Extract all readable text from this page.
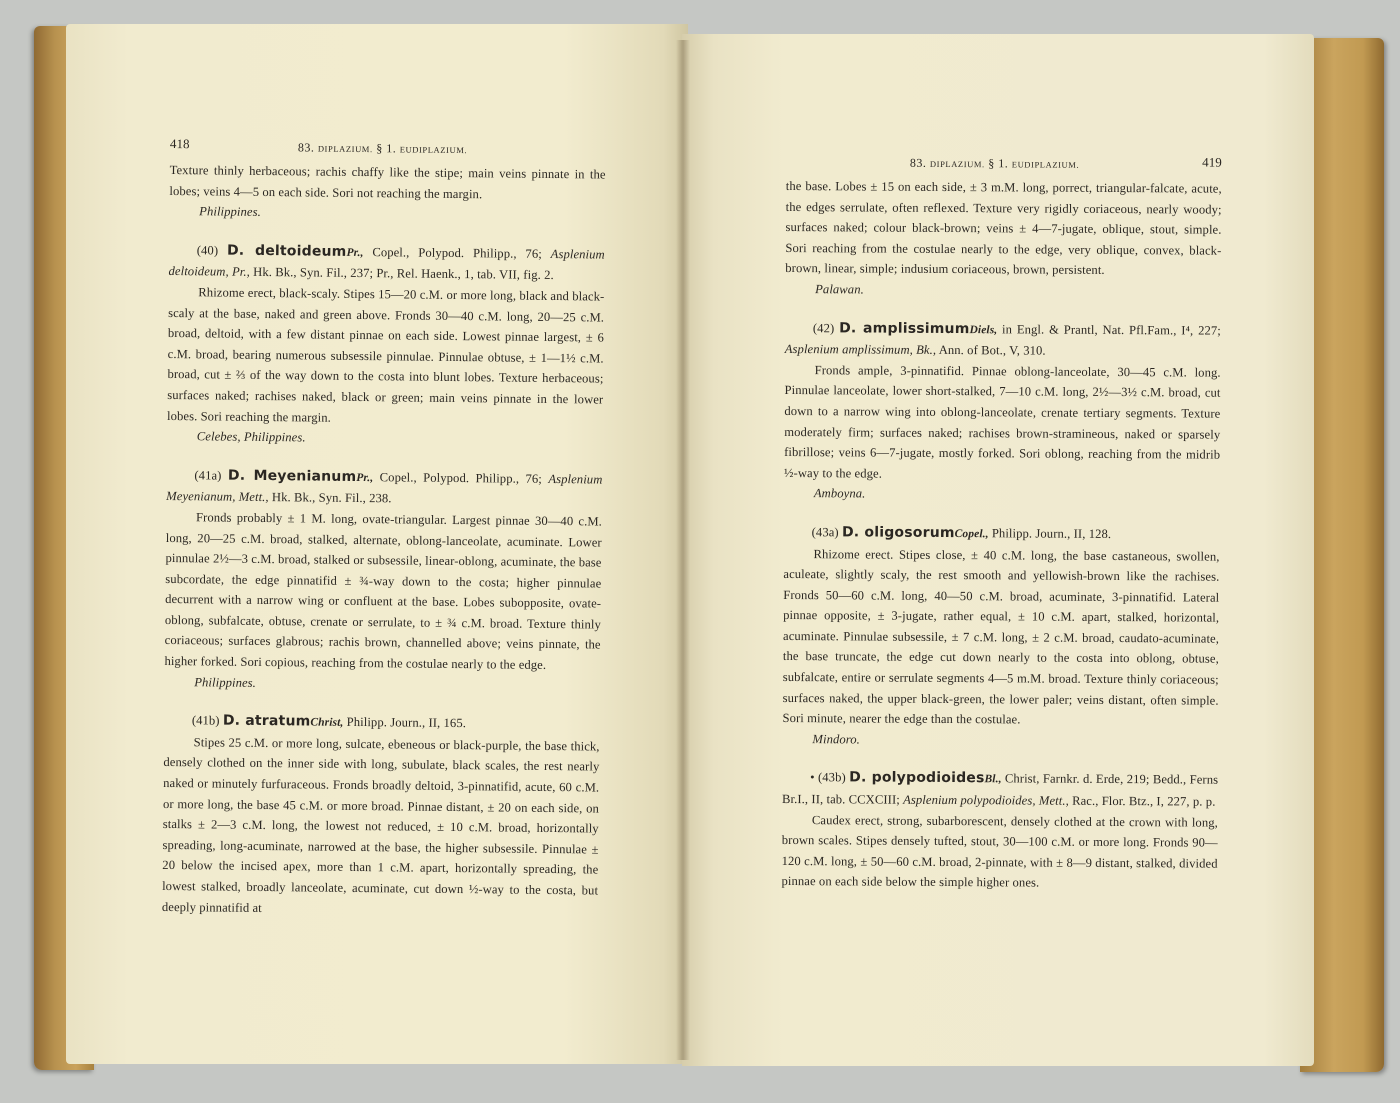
418	83. DIPLAZIUM. § 1. EUDIPLAZIUM.

Texture thinly herbaceous; rachis chaffy like the stipe; main veins pinnate in the lobes; veins 4—5 on each side. Sori not reaching the margin.

Philippines.

(40) D. deltoideumPr., Copel., Polypod. Philipp., 76; Asplenium deltoideum, Pr., Hk. Bk., Syn. Fil., 237; Pr., Rel. Haenk., 1, tab. VII, fig. 2.

Rhizome erect, black-scaly. Stipes 15—20 c.M. or more long, black and black-scaly at the base, naked and green above. Fronds 30—40 c.M. long, 20—25 c.M. broad, deltoid, with a few distant pinnae on each side. Lowest pinnae largest, ± 6 c.M. broad, bearing numerous subsessile pinnulae. Pinnulae obtuse, ± 1—1½ c.M. broad, cut ± ⅔ of the way down to the costa into blunt lobes. Texture herbaceous; surfaces naked; rachises naked, black or green; main veins pinnate in the lower lobes. Sori reaching the margin.

Celebes, Philippines.

(41a) D. MeyenianumPr., Copel., Polypod. Philipp., 76; Asplenium Meyenianum, Mett., Hk. Bk., Syn. Fil., 238.

Fronds probably ± 1 M. long, ovate-triangular. Largest pinnae 30—40 c.M. long, 20—25 c.M. broad, stalked, alternate, oblong-lanceolate, acuminate. Lower pinnulae 2½—3 c.M. broad, stalked or subsessile, linear-oblong, acuminate, the base subcordate, the edge pinnatifid ± ¾-way down to the costa; higher pinnulae decurrent with a narrow wing or confluent at the base. Lobes subopposite, ovate-oblong, subfalcate, obtuse, crenate or serrulate, to ± ¾ c.M. broad. Texture thinly coriaceous; surfaces glabrous; rachis brown, channelled above; veins pinnate, the higher forked. Sori copious, reaching from the costulae nearly to the edge.

Philippines.

(41b) D. atratumChrist, Philipp. Journ., II, 165.

Stipes 25 c.M. or more long, sulcate, ebeneous or black-purple, the base thick, densely clothed on the inner side with long, subulate, black scales, the rest nearly naked or minutely furfuraceous. Fronds broadly deltoid, 3-pinnatifid, acute, 60 c.M. or more long, the base 45 c.M. or more broad. Pinnae distant, ± 20 on each side, on stalks ± 2—3 c.M. long, the lowest not reduced, ± 10 c.M. broad, horizontally spreading, long-acuminate, narrowed at the base, the higher subsessile. Pinnulae ± 20 below the incised apex, more than 1 c.M. apart, horizontally spreading, the lowest stalked, broadly lanceolate, acuminate, cut down ½-way to the costa, but deeply pinnatifid at

83. DIPLAZIUM. § 1. EUDIPLAZIUM.	419

the base. Lobes ± 15 on each side, ± 3 m.M. long, porrect, triangular-falcate, acute, the edges serrulate, often reflexed. Texture very rigidly coriaceous, nearly woody; surfaces naked; colour black-brown; veins ± 4—7-jugate, oblique, stout, simple. Sori reaching from the costulae nearly to the edge, very oblique, convex, black-brown, linear, simple; indusium coriaceous, brown, persistent.

Palawan.

(42) D. amplissimumDiels, in Engl. & Prantl, Nat. Pfl.Fam., I⁴, 227; Asplenium amplissimum, Bk., Ann. of Bot., V, 310.

Fronds ample, 3-pinnatifid. Pinnae oblong-lanceolate, 30—45 c.M. long. Pinnulae lanceolate, lower short-stalked, 7—10 c.M. long, 2½—3½ c.M. broad, cut down to a narrow wing into oblong-lanceolate, crenate tertiary segments. Texture moderately firm; surfaces naked; rachises brown-stramineous, naked or sparsely fibrillose; veins 6—7-jugate, mostly forked. Sori oblong, reaching from the midrib ½-way to the edge.

Amboyna.

(43a) D. oligosorumCopel., Philipp. Journ., II, 128.

Rhizome erect. Stipes close, ± 40 c.M. long, the base castaneous, swollen, aculeate, slightly scaly, the rest smooth and yellowish-brown like the rachises. Fronds 50—60 c.M. long, 40—50 c.M. broad, acuminate, 3-pinnatifid. Lateral pinnae opposite, ± 3-jugate, rather equal, ± 10 c.M. apart, stalked, horizontal, acuminate. Pinnulae subsessile, ± 7 c.M. long, ± 2 c.M. broad, caudato-acuminate, the base truncate, the edge cut down nearly to the costa into oblong, obtuse, subfalcate, entire or serrulate segments 4—5 m.M. broad. Texture thinly coriaceous; surfaces naked, the upper black-green, the lower paler; veins distant, often simple. Sori minute, nearer the edge than the costulae.

Mindoro.

• (43b) D. polypodioidesBl., Christ, Farnkr. d. Erde, 219; Bedd., Ferns Br.I., II, tab. CCXCIII; Asplenium polypodioides, Mett., Rac., Flor. Btz., I, 227, p. p.

Caudex erect, strong, subarborescent, densely clothed at the crown with long, brown scales. Stipes densely tufted, stout, 30—100 c.M. or more long. Fronds 90—120 c.M. long, ± 50—60 c.M. broad, 2-pinnate, with ± 8—9 distant, stalked, divided pinnae on each side below the simple higher ones.
